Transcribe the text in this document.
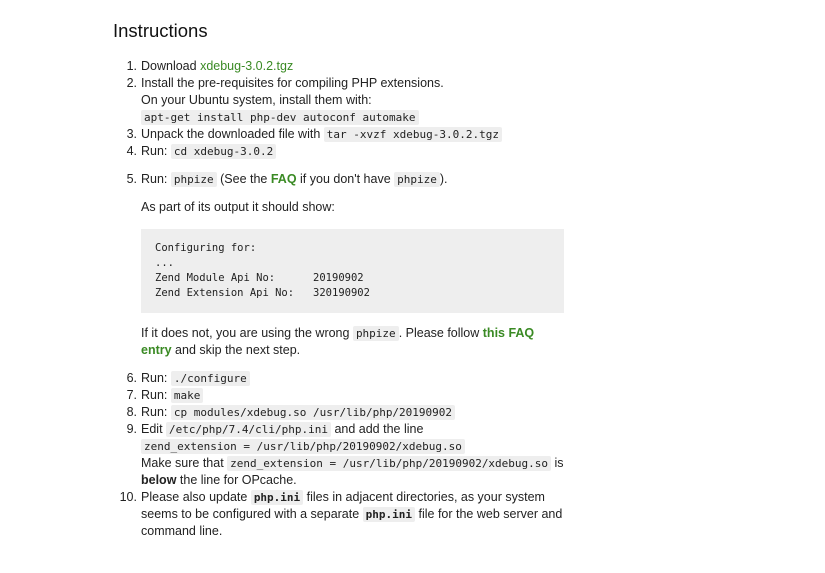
Instructions
1. Download xdebug-3.0.2.tgz
2. Install the pre-requisites for compiling PHP extensions.
On your Ubuntu system, install them with:
apt-get install php-dev autoconf automake
3. Unpack the downloaded file with tar -xvzf xdebug-3.0.2.tgz
4. Run: cd xdebug-3.0.2
5. Run: phpize (See the FAQ if you don't have phpize ).
As part of its output it should show:
Configuring for:
...
Zend Module Api No:      20190902
Zend Extension Api No:   320190902
If it does not, you are using the wrong phpize . Please follow this FAQ entry and skip the next step.
6. Run: ./configure
7. Run: make
8. Run: cp modules/xdebug.so /usr/lib/php/20190902
9. Edit /etc/php/7.4/cli/php.ini and add the line
zend_extension = /usr/lib/php/20190902/xdebug.so
Make sure that zend_extension = /usr/lib/php/20190902/xdebug.so is
below the line for OPcache.
10. Please also update php.ini files in adjacent directories, as your system seems to be configured with a separate php.ini file for the web server and command line.
